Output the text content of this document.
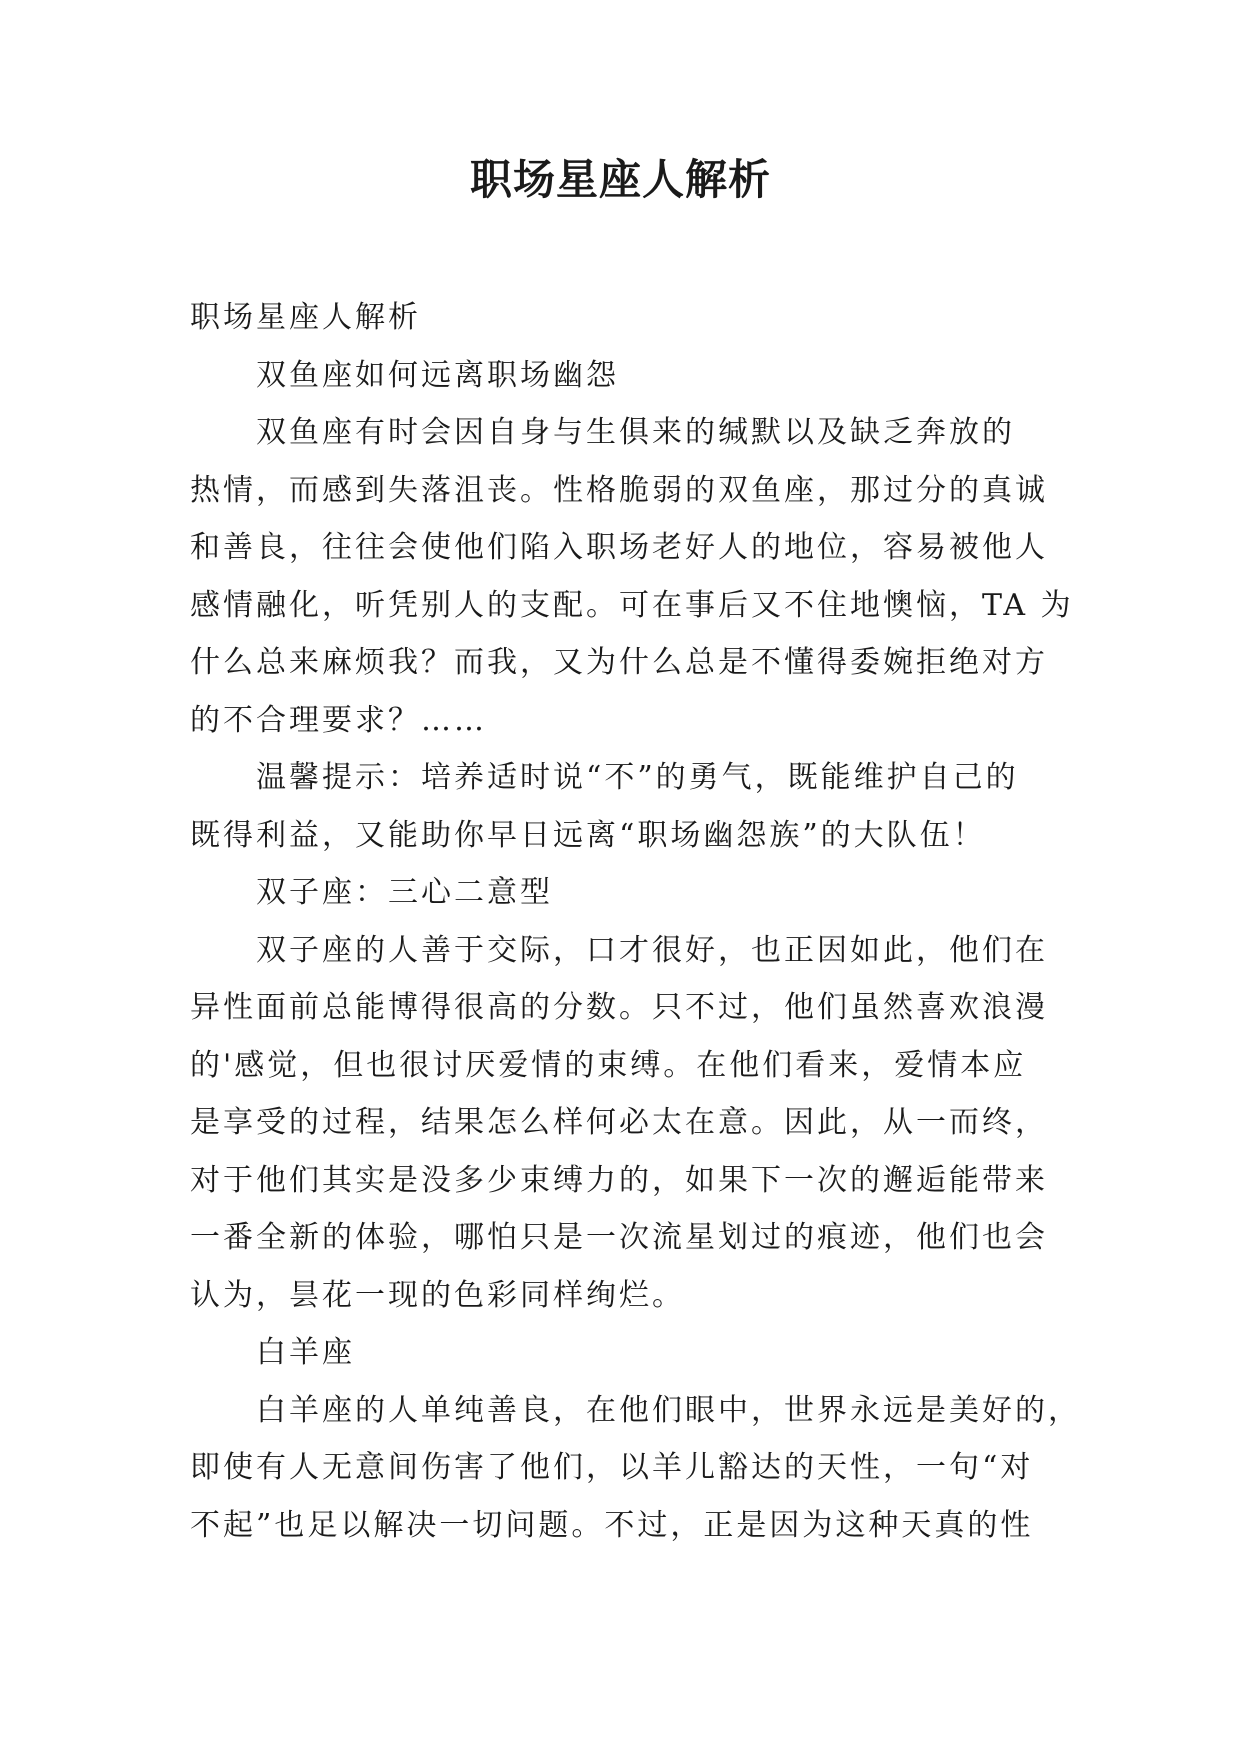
职场星座人解析
职场星座人解析
双鱼座如何远离职场幽怨
双鱼座有时会因自身与生俱来的缄默以及缺乏奔放的
热情，而感到失落沮丧。性格脆弱的双鱼座，那过分的真诚
和善良，往往会使他们陷入职场老好人的地位，容易被他人
感情融化，听凭别人的支配。可在事后又不住地懊恼，TA 为
什么总来麻烦我？而我，又为什么总是不懂得委婉拒绝对方
的不合理要求？……
温馨提示：培养适时说“不”的勇气，既能维护自己的
既得利益，又能助你早日远离“职场幽怨族”的大队伍！
双子座：三心二意型
双子座的人善于交际，口才很好，也正因如此，他们在
异性面前总能博得很高的分数。只不过，他们虽然喜欢浪漫
的'感觉，但也很讨厌爱情的束缚。在他们看来，爱情本应
是享受的过程，结果怎么样何必太在意。因此，从一而终，
对于他们其实是没多少束缚力的，如果下一次的邂逅能带来
一番全新的体验，哪怕只是一次流星划过的痕迹，他们也会
认为，昙花一现的色彩同样绚烂。
白羊座
白羊座的人单纯善良，在他们眼中，世界永远是美好的，
即使有人无意间伤害了他们，以羊儿豁达的天性，一句“对
不起”也足以解决一切问题。不过，正是因为这种天真的性
